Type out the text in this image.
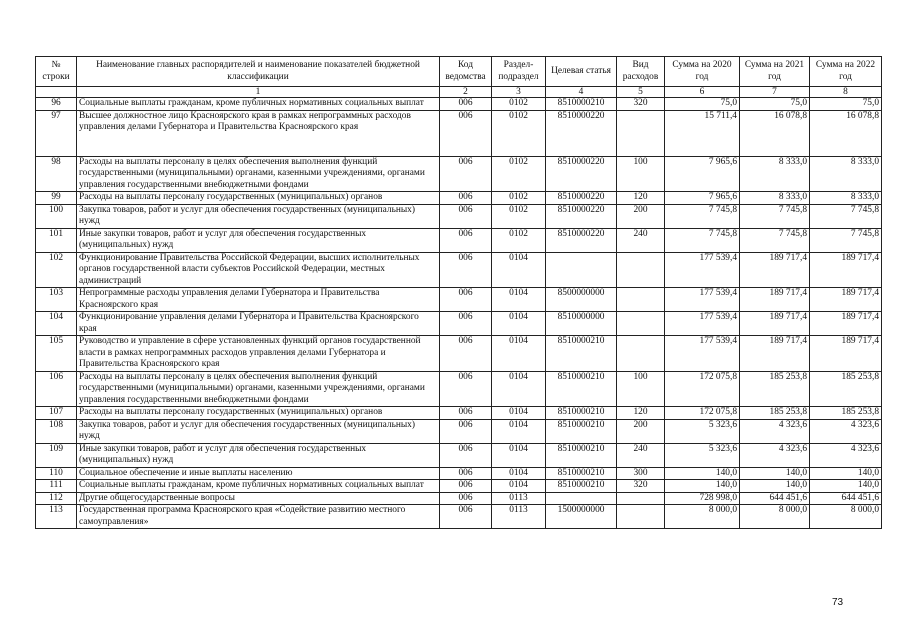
№ строки	Наименование главных распорядителей и наименование показателей бюджетной классификации	Код ведомства	Раздел-подраздел	Целевая статья	Вид расходов	Сумма на 2020 год	Сумма на 2021 год	Сумма на 2022 год
	1	2	3	4	5	6	7	8
96	Социальные выплаты гражданам, кроме публичных нормативных социальных выплат	006	0102	8510000210	320	75,0	75,0	75,0
97	Высшее должностное лицо Красноярского края в рамках непрограммных расходов управления делами Губернатора и Правительства Красноярского края	006	0102	8510000220		15 711,4	16 078,8	16 078,8
98	Расходы на выплаты персоналу в целях обеспечения выполнения функций государственными (муниципальными) органами, казенными учреждениями, органами управления государственными внебюджетными фондами	006	0102	8510000220	100	7 965,6	8 333,0	8 333,0
99	Расходы на выплаты персоналу государственных (муниципальных) органов	006	0102	8510000220	120	7 965,6	8 333,0	8 333,0
100	Закупка товаров, работ и услуг для обеспечения государственных (муниципальных) нужд	006	0102	8510000220	200	7 745,8	7 745,8	7 745,8
101	Иные закупки товаров, работ и услуг для обеспечения государственных (муниципальных) нужд	006	0102	8510000220	240	7 745,8	7 745,8	7 745,8
102	Функционирование Правительства Российской Федерации, высших исполнительных органов государственной власти субъектов Российской Федерации, местных администраций	006	0104			177 539,4	189 717,4	189 717,4
103	Непрограммные расходы управления делами Губернатора и Правительства Красноярского края	006	0104	8500000000		177 539,4	189 717,4	189 717,4
104	Функционирование управления делами Губернатора и Правительства Красноярского края	006	0104	8510000000		177 539,4	189 717,4	189 717,4
105	Руководство и управление в сфере установленных функций органов государственной власти в рамках непрограммных расходов управления делами Губернатора и Правительства Красноярского края	006	0104	8510000210		177 539,4	189 717,4	189 717,4
106	Расходы на выплаты персоналу в целях обеспечения выполнения функций государственными (муниципальными) органами, казенными учреждениями, органами управления государственными внебюджетными фондами	006	0104	8510000210	100	172 075,8	185 253,8	185 253,8
107	Расходы на выплаты персоналу государственных (муниципальных) органов	006	0104	8510000210	120	172 075,8	185 253,8	185 253,8
108	Закупка товаров, работ и услуг для обеспечения государственных (муниципальных) нужд	006	0104	8510000210	200	5 323,6	4 323,6	4 323,6
109	Иные закупки товаров, работ и услуг для обеспечения государственных (муниципальных) нужд	006	0104	8510000210	240	5 323,6	4 323,6	4 323,6
110	Социальное обеспечение и иные выплаты населению	006	0104	8510000210	300	140,0	140,0	140,0
111	Социальные выплаты гражданам, кроме публичных нормативных социальных выплат	006	0104	8510000210	320	140,0	140,0	140,0
112	Другие общегосударственные вопросы	006	0113			728 998,0	644 451,6	644 451,6
113	Государственная программа Красноярского края «Содействие развитию местного самоуправления»	006	0113	1500000000		8 000,0	8 000,0	8 000,0
73
